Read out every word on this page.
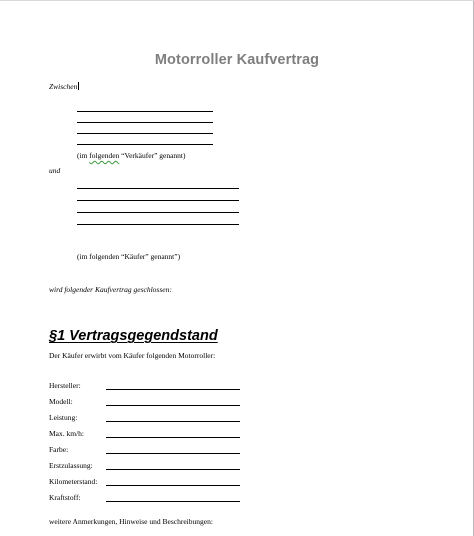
Motorroller Kaufvertrag
Zwischen
(im folgenden “Verkäufer” genannt)
und
(im folgenden “Käufer” genannt”)
wird folgender Kaufvertrag geschlossen:
§1 Vertragsgegendstand
Der Käufer erwirbt vom Käufer folgenden Motorroller:
Hersteller:
Modell:
Leistung:
Max. km/h:
Farbe:
Erstzulassung:
Kilometerstand:
Kraftstoff:
weitere Anmerkungen, Hinweise und Beschreibungen:
